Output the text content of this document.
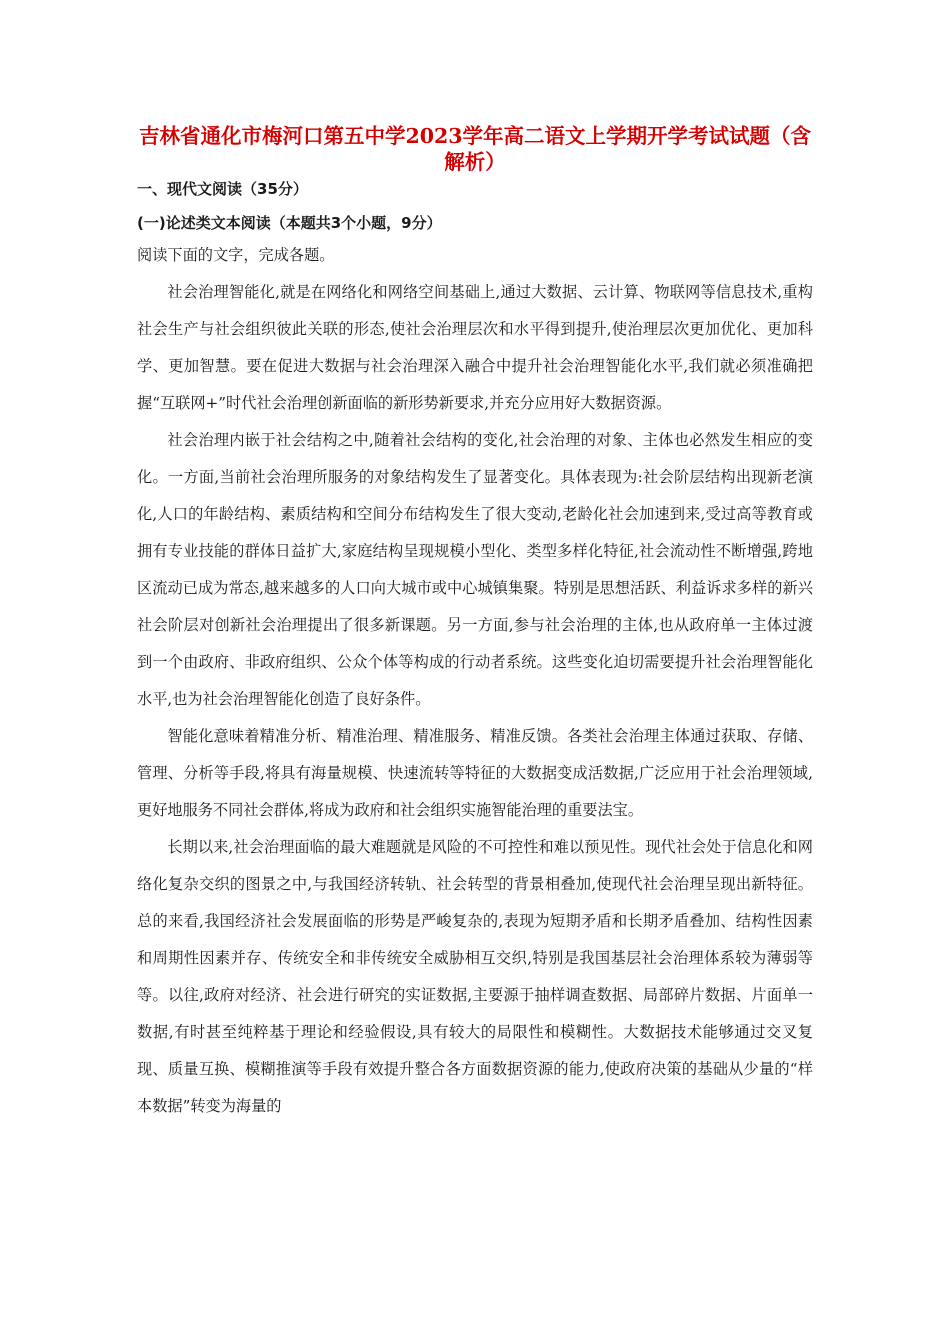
吉林省通化市梅河口第五中学2023学年高二语文上学期开学考试试题（含解析）
一、现代文阅读（35分）
(一)论述类文本阅读（本题共3个小题，9分）

阅读下面的文字，完成各题。

社会治理智能化,就是在网络化和网络空间基础上,通过大数据、云计算、物联网等信息技术,重构社会生产与社会组织彼此关联的形态,使社会治理层次和水平得到提升,使治理层次更加优化、更加科学、更加智慧。要在促进大数据与社会治理深入融合中提升社会治理智能化水平,我们就必须准确把握“互联网+”时代社会治理创新面临的新形势新要求,并充分应用好大数据资源。

社会治理内嵌于社会结构之中,随着社会结构的变化,社会治理的对象、主体也必然发生相应的变化。一方面,当前社会治理所服务的对象结构发生了显著变化。具体表现为:社会阶层结构出现新老演化,人口的年龄结构、素质结构和空间分布结构发生了很大变动,老龄化社会加速到来,受过高等教育或拥有专业技能的群体日益扩大,家庭结构呈现规模小型化、类型多样化特征,社会流动性不断增强,跨地区流动已成为常态,越来越多的人口向大城市或中心城镇集聚。特别是思想活跃、利益诉求多样的新兴社会阶层对创新社会治理提出了很多新课题。另一方面,参与社会治理的主体,也从政府单一主体过渡到一个由政府、非政府组织、公众个体等构成的行动者系统。这些变化迫切需要提升社会治理智能化水平,也为社会治理智能化创造了良好条件。

智能化意味着精准分析、精准治理、精准服务、精准反馈。各类社会治理主体通过获取、存储、管理、分析等手段,将具有海量规模、快速流转等特征的大数据变成活数据,广泛应用于社会治理领域,更好地服务不同社会群体,将成为政府和社会组织实施智能治理的重要法宝。

长期以来,社会治理面临的最大难题就是风险的不可控性和难以预见性。现代社会处于信息化和网络化复杂交织的图景之中,与我国经济转轨、社会转型的背景相叠加,使现代社会治理呈现出新特征。总的来看,我国经济社会发展面临的形势是严峻复杂的,表现为短期矛盾和长期矛盾叠加、结构性因素和周期性因素并存、传统安全和非传统安全威胁相互交织,特别是我国基层社会治理体系较为薄弱等等。以往,政府对经济、社会进行研究的实证数据,主要源于抽样调查数据、局部碎片数据、片面单一数据,有时甚至纯粹基于理论和经验假设,具有较大的局限性和模糊性。大数据技术能够通过交叉复现、质量互换、模糊推演等手段有效提升整合各方面数据资源的能力,使政府决策的基础从少量的“样本数据”转变为海量的
